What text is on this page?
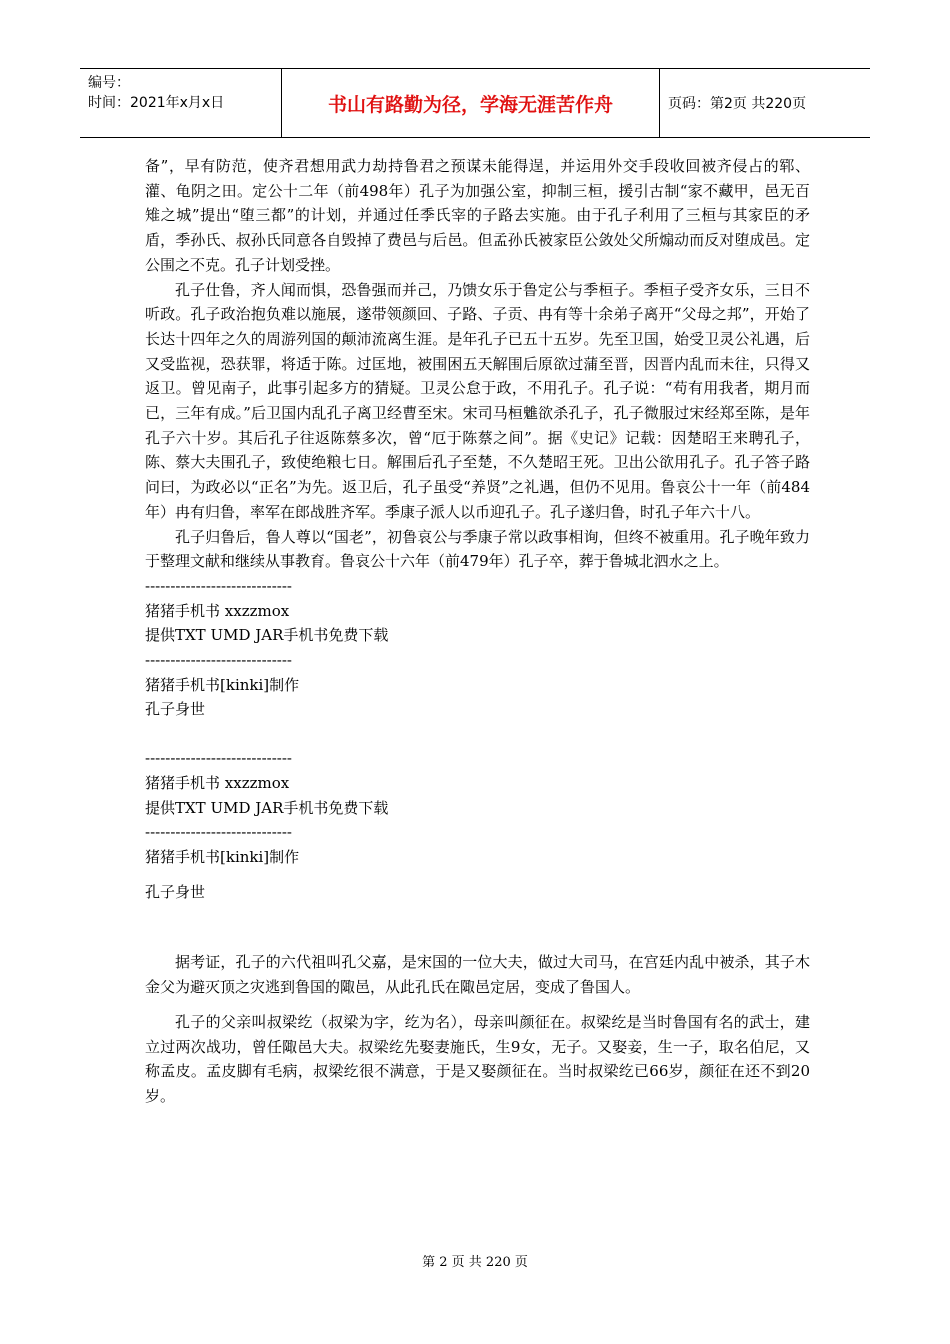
编号：
时间：2021年x月x日	书山有路勤为径，学海无涯苦作舟	页码：第2页 共220页

备”，早有防范，使齐君想用武力劫持鲁君之预谋未能得逞，并运用外交手段收回被齐侵占的郓、灌、龟阴之田。定公十二年（前498年）孔子为加强公室，抑制三桓，援引古制“家不藏甲，邑无百雉之城”提出“堕三都”的计划，并通过任季氏宰的子路去实施。由于孔子利用了三桓与其家臣的矛盾，季孙氏、叔孙氏同意各自毁掉了费邑与后邑。但孟孙氏被家臣公敛处父所煽动而反对堕成邑。定公围之不克。孔子计划受挫。

孔子仕鲁，齐人闻而惧，恐鲁强而并己，乃馈女乐于鲁定公与季桓子。季桓子受齐女乐，三日不听政。孔子政治抱负难以施展，遂带领颜回、子路、子贡、冉有等十余弟子离开“父母之邦”，开始了长达十四年之久的周游列国的颠沛流离生涯。是年孔子已五十五岁。先至卫国，始受卫灵公礼遇，后又受监视，恐获罪，将适于陈。过匡地，被围困五天解围后原欲过蒲至晋，因晋内乱而未往，只得又返卫。曾见南子，此事引起多方的猜疑。卫灵公怠于政，不用孔子。孔子说：“苟有用我者，期月而已，三年有成。”后卫国内乱孔子离卫经曹至宋。宋司马桓魋欲杀孔子，孔子微服过宋经郑至陈，是年孔子六十岁。其后孔子往返陈蔡多次，曾“厄于陈蔡之间”。据《史记》记载：因楚昭王来聘孔子，陈、蔡大夫围孔子，致使绝粮七日。解围后孔子至楚，不久楚昭王死。卫出公欲用孔子。孔子答子路问曰，为政必以“正名”为先。返卫后，孔子虽受“养贤”之礼遇，但仍不见用。鲁哀公十一年（前484年）冉有归鲁，率军在郎战胜齐军。季康子派人以币迎孔子。孔子遂归鲁，时孔子年六十八。

孔子归鲁后，鲁人尊以“国老”，初鲁哀公与季康子常以政事相询，但终不被重用。孔子晚年致力于整理文献和继续从事教育。鲁哀公十六年（前479年）孔子卒，葬于鲁城北泗水之上。

-----------------------------
猪猪手机书 xxzzmox
提供TXT UMD JAR手机书免费下载
-----------------------------
猪猪手机书[kinki]制作
孔子身世
-----------------------------
猪猪手机书 xxzzmox
提供TXT UMD JAR手机书免费下载
-----------------------------
猪猪手机书[kinki]制作
孔子身世

据考证，孔子的六代祖叫孔父嘉，是宋国的一位大夫，做过大司马，在宫廷内乱中被杀，其子木金父为避灭顶之灾逃到鲁国的陬邑，从此孔氏在陬邑定居，变成了鲁国人。

孔子的父亲叫叔梁纥（叔梁为字，纥为名），母亲叫颜征在。叔梁纥是当时鲁国有名的武士，建立过两次战功，曾任陬邑大夫。叔梁纥先娶妻施氏，生9女，无子。又娶妾，生一子，取名伯尼，又称孟皮。孟皮脚有毛病，叔梁纥很不满意，于是又娶颜征在。当时叔梁纥已66岁，颜征在还不到20岁。

第 2 页 共 220 页
